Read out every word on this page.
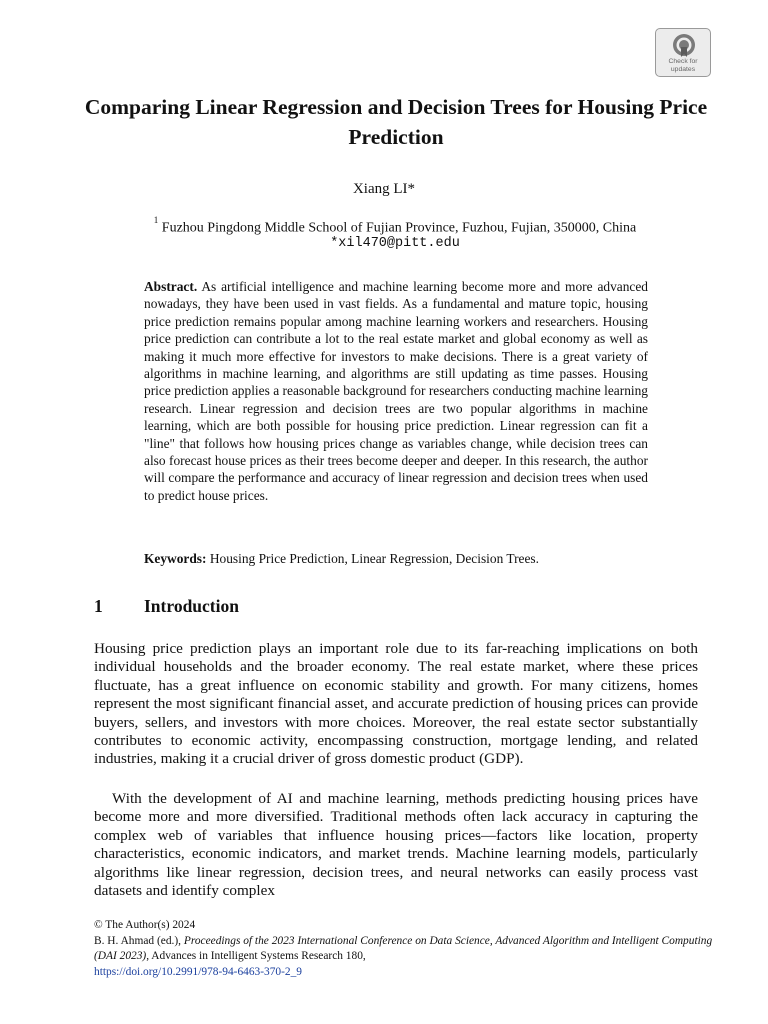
Check for
updates
Comparing Linear Regression and Decision Trees for Housing Price Prediction
Xiang LI*
$^1$ Fuzhou Pingdong Middle School of Fujian Province, Fuzhou, Fujian, 350000, China
*xil470@pitt.edu

Abstract. As artificial intelligence and machine learning become more and more advanced nowadays, they have been used in vast fields. As a fundamental and mature topic, housing price prediction remains popular among machine learning workers and researchers. Housing price prediction can contribute a lot to the real estate market and global economy as well as making it much more effective for investors to make decisions. There is a great variety of algorithms in machine learning, and algorithms are still updating as time passes. Housing price prediction applies a reasonable background for researchers conducting machine learning research. Linear regression and decision trees are two popular algorithms in machine learning, which are both possible for housing price prediction. Linear regression can fit a "line" that follows how housing prices change as variables change, while decision trees can also forecast house prices as their trees become deeper and deeper. In this research, the author will compare the performance and accuracy of linear regression and decision trees when used to predict house prices.

Keywords: Housing Price Prediction, Linear Regression, Decision Trees.

1 Introduction

Housing price prediction plays an important role due to its far-reaching implications on both individual households and the broader economy. The real estate market, where these prices fluctuate, has a great influence on economic stability and growth. For many citizens, homes represent the most significant financial asset, and accurate prediction of housing prices can provide buyers, sellers, and investors with more choices. Moreover, the real estate sector substantially contributes to economic activity, encompassing construction, mortgage lending, and related industries, making it a crucial driver of gross domestic product (GDP).

With the development of AI and machine learning, methods predicting housing prices have become more and more diversified. Traditional methods often lack accuracy in capturing the complex web of variables that influence housing prices—factors like location, property characteristics, economic indicators, and market trends. Machine learning models, particularly algorithms like linear regression, decision trees, and neural networks can easily process vast datasets and identify complex

© The Author(s) 2024

B. H. Ahmad (ed.), Proceedings of the 2023 International Conference on Data Science, Advanced Algorithm and Intelligent Computing (DAI 2023), Advances in Intelligent Systems Research 180,

https://doi.org/10.2991/978-94-6463-370-2_9
